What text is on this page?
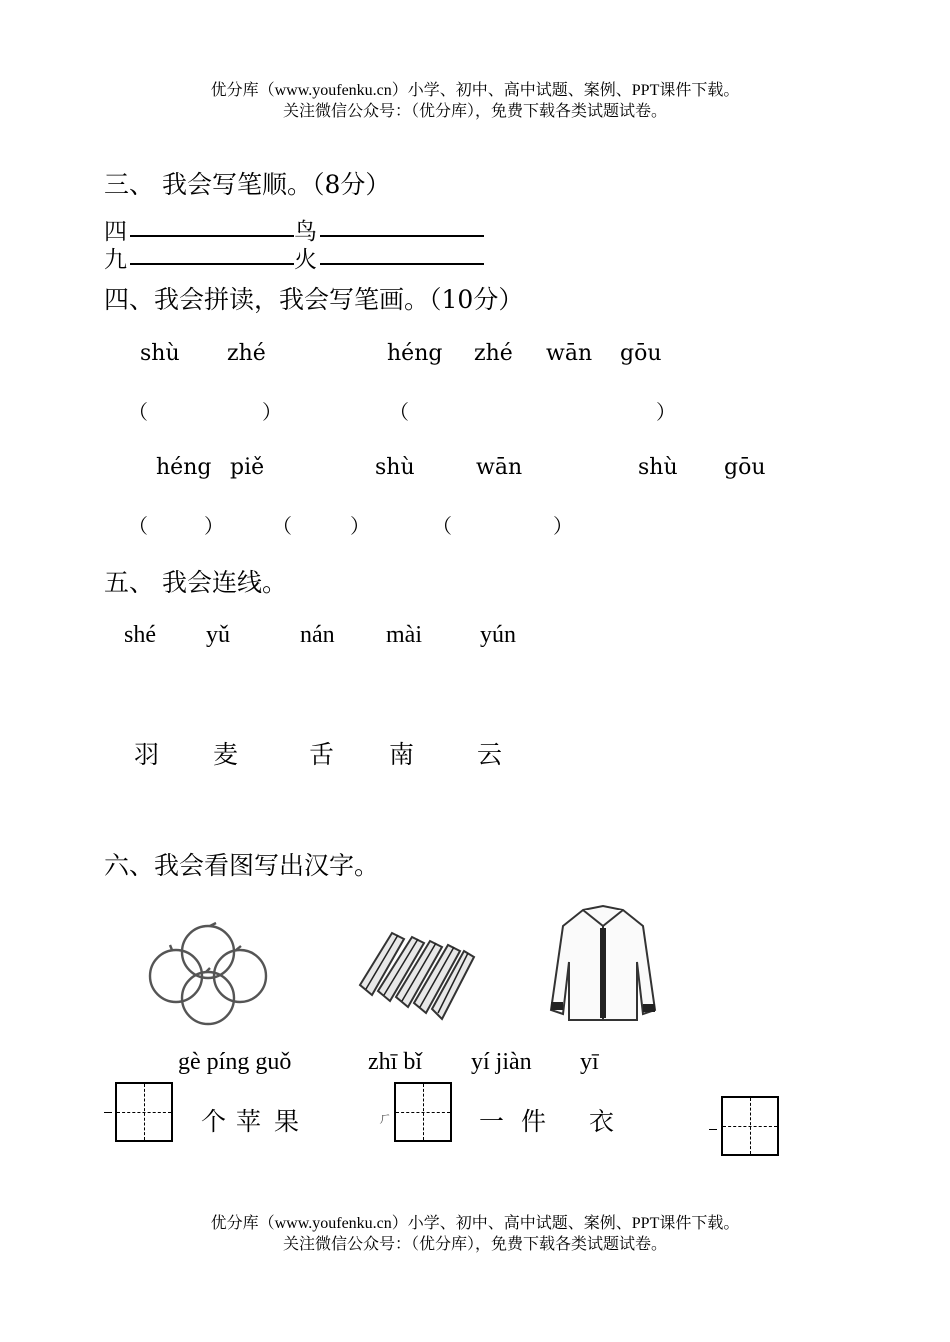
优分库（www.youfenku.cn）小学、初中、高中试题、案例、PPT课件下载。
关注微信公众号：（优分库），免费下载各类试题试卷。
三、 我会写笔顺。（8分）
四	鸟
九	火
四、我会拼读，我会写笔画。（10分）
shù zhé	héng zhé wān gōu
（	）	（	）
héng piě	shù	wān	shù gōu
（	） （	）	（	）
五、 我会连线。
shé yǔ	nán mài yún
羽 麦	舌 南	云
六、我会看图写出汉字。
gè píng guǒ	zhī bǐ yí jiàn yī
个 苹 果	ㄏ	一 件 衣
优分库（www.youfenku.cn）小学、初中、高中试题、案例、PPT课件下载。
关注微信公众号：（优分库），免费下载各类试题试卷。
